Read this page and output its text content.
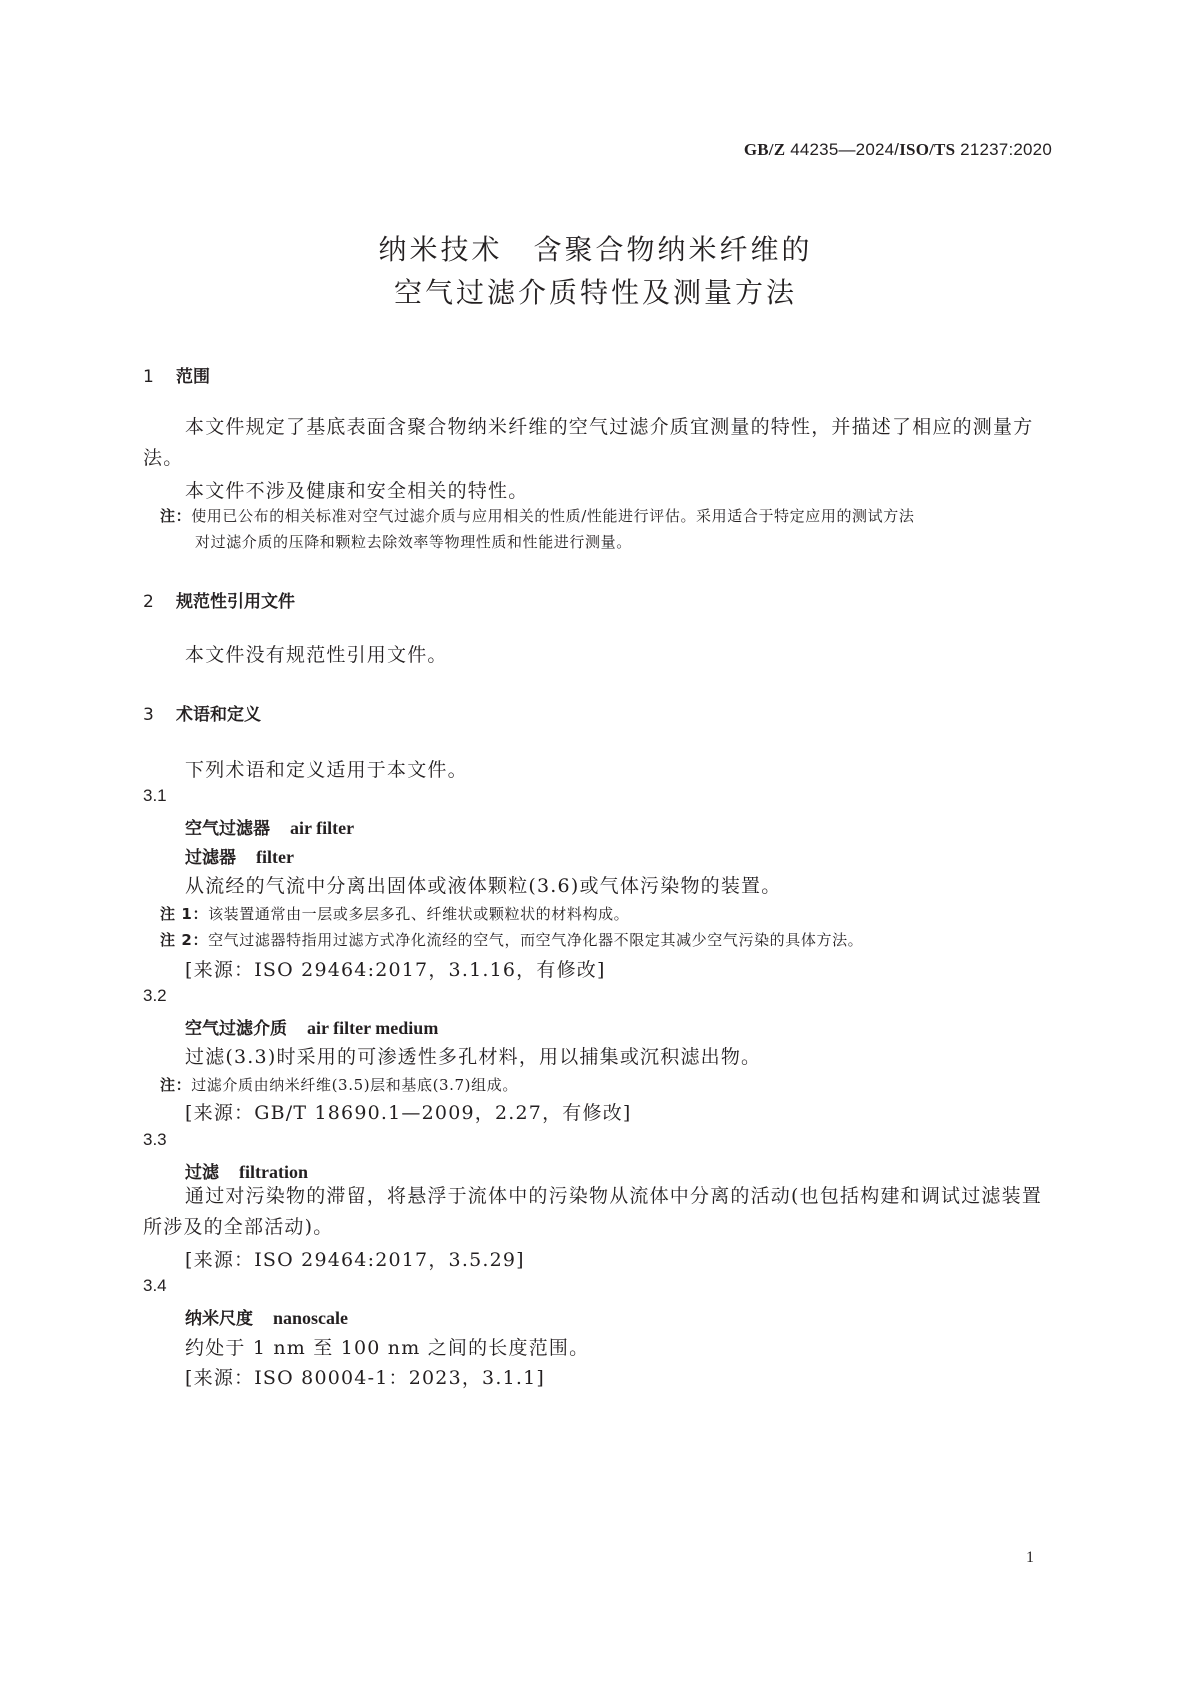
GB/Z 44235—2024/ISO/TS 21237:2020
纳米技术　含聚合物纳米纤维的
空气过滤介质特性及测量方法
1 范围
本文件规定了基底表面含聚合物纳米纤维的空气过滤介质宜测量的特性，并描述了相应的测量方法。
本文件不涉及健康和安全相关的特性。
注：使用已公布的相关标准对空气过滤介质与应用相关的性质/性能进行评估。采用适合于特定应用的测试方法
对过滤介质的压降和颗粒去除效率等物理性质和性能进行测量。
2 规范性引用文件
本文件没有规范性引用文件。
3 术语和定义
下列术语和定义适用于本文件。
3.1
空气过滤器 air filter
过滤器 filter
从流经的气流中分离出固体或液体颗粒(3.6)或气体污染物的装置。
注 1：该装置通常由一层或多层多孔、纤维状或颗粒状的材料构成。
注 2：空气过滤器特指用过滤方式净化流经的空气，而空气净化器不限定其减少空气污染的具体方法。
[来源：ISO 29464:2017，3.1.16，有修改]
3.2
空气过滤介质 air filter medium
过滤(3.3)时采用的可渗透性多孔材料，用以捕集或沉积滤出物。
注：过滤介质由纳米纤维(3.5)层和基底(3.7)组成。
[来源：GB/T 18690.1—2009，2.27，有修改]
3.3
过滤 filtration
通过对污染物的滞留，将悬浮于流体中的污染物从流体中分离的活动(也包括构建和调试过滤装置所涉及的全部活动)。
[来源：ISO 29464:2017，3.5.29]
3.4
纳米尺度 nanoscale
约处于 1 nm 至 100 nm 之间的长度范围。
[来源：ISO 80004-1：2023，3.1.1]
1
